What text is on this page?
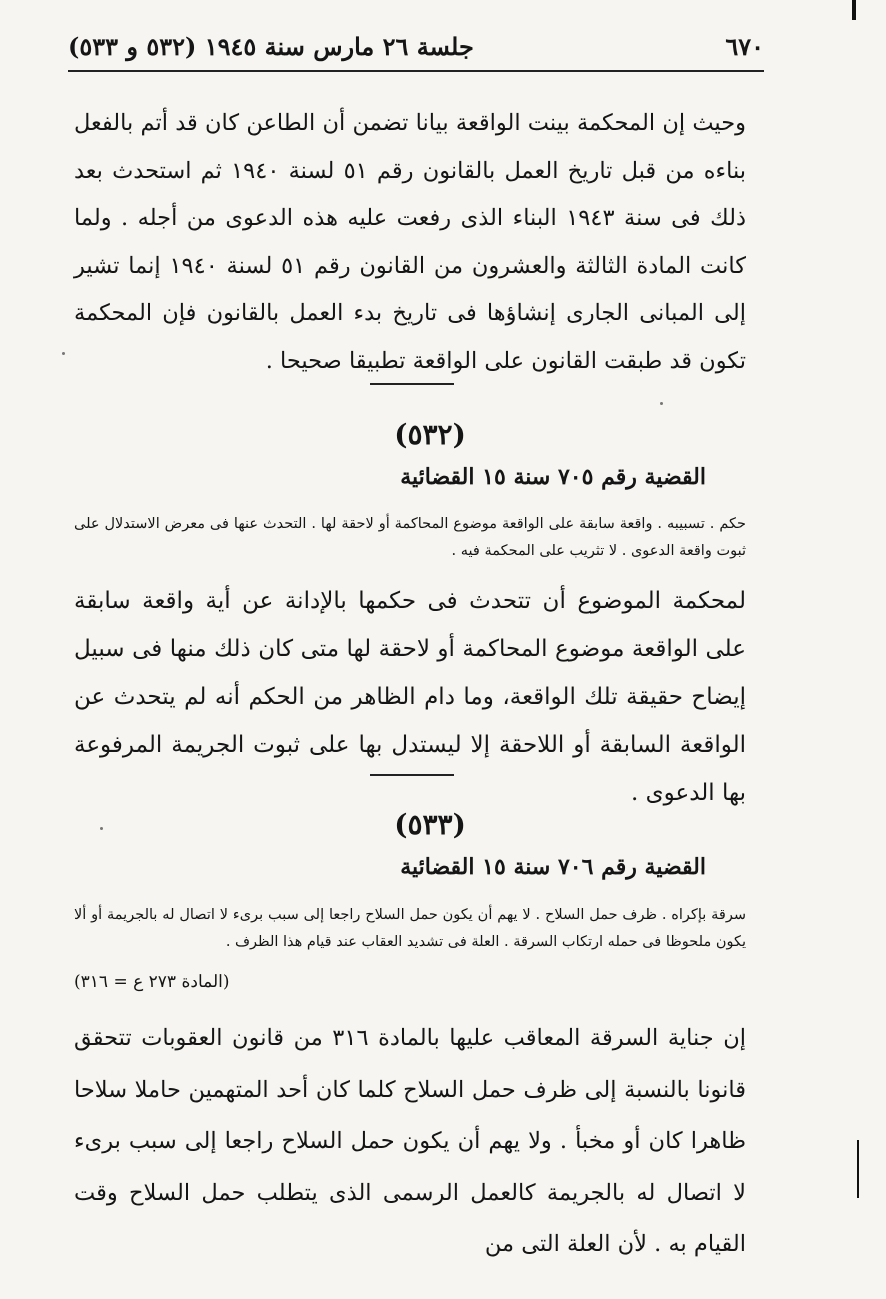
٦٧٠
جلسة ٢٦ مارس سنة ١٩٤٥ (٥٣٢ و ٥٣٣)
وحيث إن المحكمة بينت الواقعة بيانا تضمن أن الطاعن كان قد أتم بالفعل بناءه من قبل تاريخ العمل بالقانون رقم ٥١ لسنة ١٩٤٠ ثم استحدث بعد ذلك فى سنة ١٩٤٣ البناء الذى رفعت عليه هذه الدعوى من أجله . ولما كانت المادة الثالثة والعشرون من القانون رقم ٥١ لسنة ١٩٤٠ إنما تشير إلى المبانى الجارى إنشاؤها فى تاريخ بدء العمل بالقانون فإن المحكمة تكون قد طبقت القانون على الواقعة تطبيقا صحيحا .
(٥٣٢)
القضية رقم ٧٠٥ سنة ١٥ القضائية
حكم . تسبيبه . واقعة سابقة على الواقعة موضوع المحاكمة أو لاحقة لها . التحدث عنها فى معرض الاستدلال على ثبوت واقعة الدعوى . لا تثريب على المحكمة فيه .
لمحكمة الموضوع أن تتحدث فى حكمها بالإدانة عن أية واقعة سابقة على الواقعة موضوع المحاكمة أو لاحقة لها متى كان ذلك منها فى سبيل إيضاح حقيقة تلك الواقعة، وما دام الظاهر من الحكم أنه لم يتحدث عن الواقعة السابقة أو اللاحقة إلا ليستدل بها على ثبوت الجريمة المرفوعة بها الدعوى .
(٥٣٣)
القضية رقم ٧٠٦ سنة ١٥ القضائية
سرقة بإكراه . ظرف حمل السلاح . لا يهم أن يكون حمل السلاح راجعا إلى سبب برىء لا اتصال له بالجريمة أو ألا يكون ملحوظا فى حمله ارتكاب السرقة . العلة فى تشديد العقاب عند قيام هذا الظرف .
(المادة ٢٧٣ ع = ٣١٦)
إن جناية السرقة المعاقب عليها بالمادة ٣١٦ من قانون العقوبات تتحقق قانونا بالنسبة إلى ظرف حمل السلاح كلما كان أحد المتهمين حاملا سلاحا ظاهرا كان أو مخبأ . ولا يهم أن يكون حمل السلاح راجعا إلى سبب برىء لا اتصال له بالجريمة كالعمل الرسمى الذى يتطلب حمل السلاح وقت القيام به . لأن العلة التى من
